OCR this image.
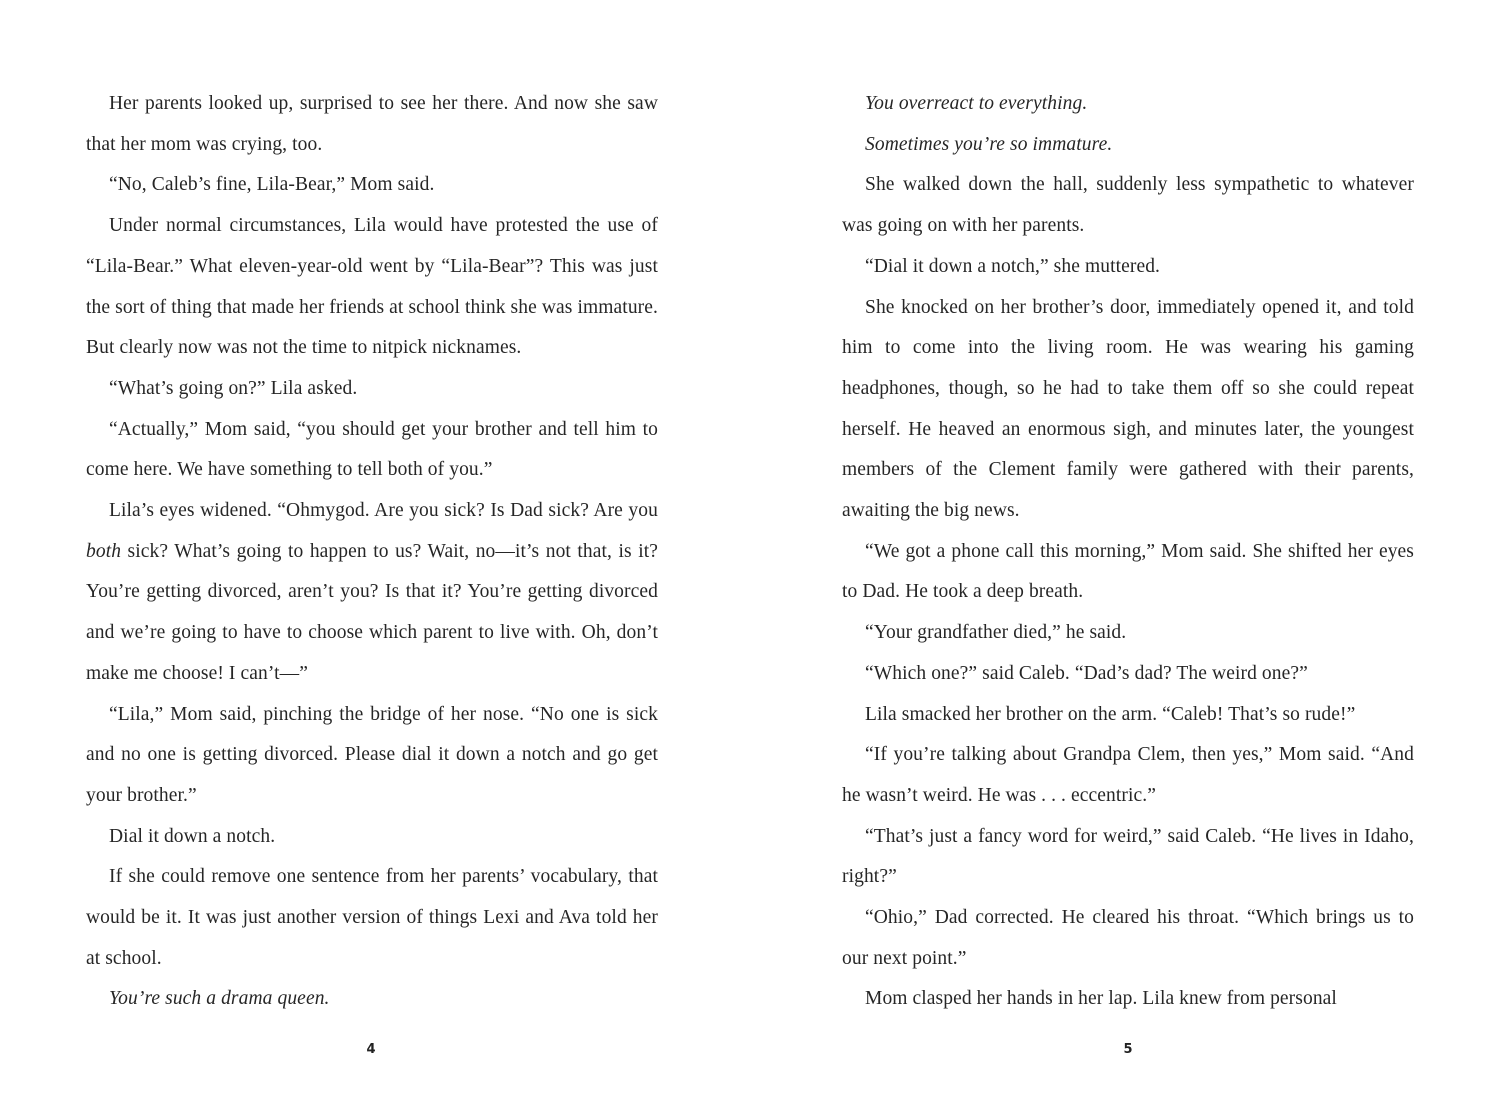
Her parents looked up, surprised to see her there. And now she saw that her mom was crying, too.

“No, Caleb’s fine, Lila-Bear,” Mom said.

Under normal circumstances, Lila would have protested the use of “Lila-Bear.” What eleven-year-old went by “Lila-Bear”? This was just the sort of thing that made her friends at school think she was immature. But clearly now was not the time to nitpick nicknames.

“What’s going on?” Lila asked.

“Actually,” Mom said, “you should get your brother and tell him to come here. We have something to tell both of you.”

Lila’s eyes widened. “Ohmygod. Are you sick? Is Dad sick? Are you both sick? What’s going to happen to us? Wait, no—it’s not that, is it? You’re getting divorced, aren’t you? Is that it? You’re getting divorced and we’re going to have to choose which parent to live with. Oh, don’t make me choose! I can’t—”

“Lila,” Mom said, pinching the bridge of her nose. “No one is sick and no one is getting divorced. Please dial it down a notch and go get your brother.”

Dial it down a notch.

If she could remove one sentence from her parents’ vocabulary, that would be it. It was just another version of things Lexi and Ava told her at school.

You’re such a drama queen.

4

You overreact to everything.

Sometimes you’re so immature.

She walked down the hall, suddenly less sympathetic to whatever was going on with her parents.

“Dial it down a notch,” she muttered.

She knocked on her brother’s door, immediately opened it, and told him to come into the living room. He was wearing his gaming headphones, though, so he had to take them off so she could repeat herself. He heaved an enormous sigh, and minutes later, the youngest members of the Clement family were gathered with their parents, awaiting the big news.

“We got a phone call this morning,” Mom said. She shifted her eyes to Dad. He took a deep breath.

“Your grandfather died,” he said.

“Which one?” said Caleb. “Dad’s dad? The weird one?”

Lila smacked her brother on the arm. “Caleb! That’s so rude!”

“If you’re talking about Grandpa Clem, then yes,” Mom said. “And he wasn’t weird. He was . . . eccentric.”

“That’s just a fancy word for weird,” said Caleb. “He lives in Idaho, right?”

“Ohio,” Dad corrected. He cleared his throat. “Which brings us to our next point.”

Mom clasped her hands in her lap. Lila knew from personal

5
